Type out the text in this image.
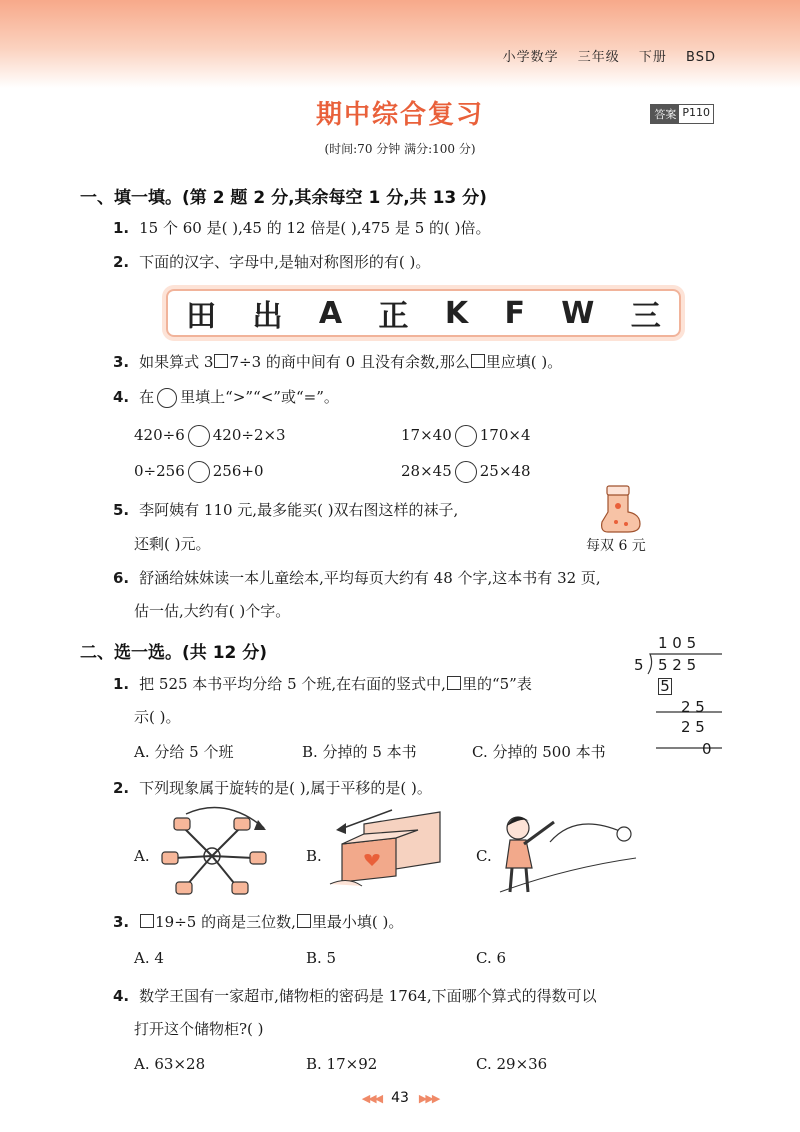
小学数学 三年级 下册 BSD
期中综合复习	答案 P110
(时间:70 分钟 满分:100 分)
一、填一填。(第 2 题 2 分,其余每空 1 分,共 13 分)
1. 15 个 60 是( ),45 的 12 倍是( ),475 是 5 的( )倍。
2. 下面的汉字、字母中,是轴对称图形的有( )。
田 出 A 正 K F W 三
3. 如果算式 3 7÷3 的商中间有 0 且没有余数,那么 里应填( )。
4. 在 里填上“>”“<”或“=”。
420÷6 420÷2×3	17×40 170×4
0÷256 256+0	28×45 25×48
5. 李阿姨有 110 元,最多能买( )双右图这样的袜子,
还剩( )元。	每双 6 元
6. 舒涵给妹妹读一本儿童绘本,平均每页大约有 48 个字,这本书有 32 页,
估一估,大约有( )个字。
二、选一选。(共 12 分)	1 0 5
5 5 2 5
5
2 5
2 5
0
1. 把 525 本书平均分给 5 个班,在右面的竖式中, 里的“5”表
示( )。
A. 分给 5 个班	B. 分掉的 5 本书	C. 分掉的 500 本书
2. 下列现象属于旋转的是( ),属于平移的是( )。
A.	B.	C.
3. 19÷5 的商是三位数, 里最小填( )。
A. 4	B. 5	C. 6
4. 数学王国有一家超市,储物柜的密码是 1764,下面哪个算式的得数可以
打开这个储物柜?( )
A. 63×28	B. 17×92	C. 29×36
◀◀◀ 43 ▶▶▶
